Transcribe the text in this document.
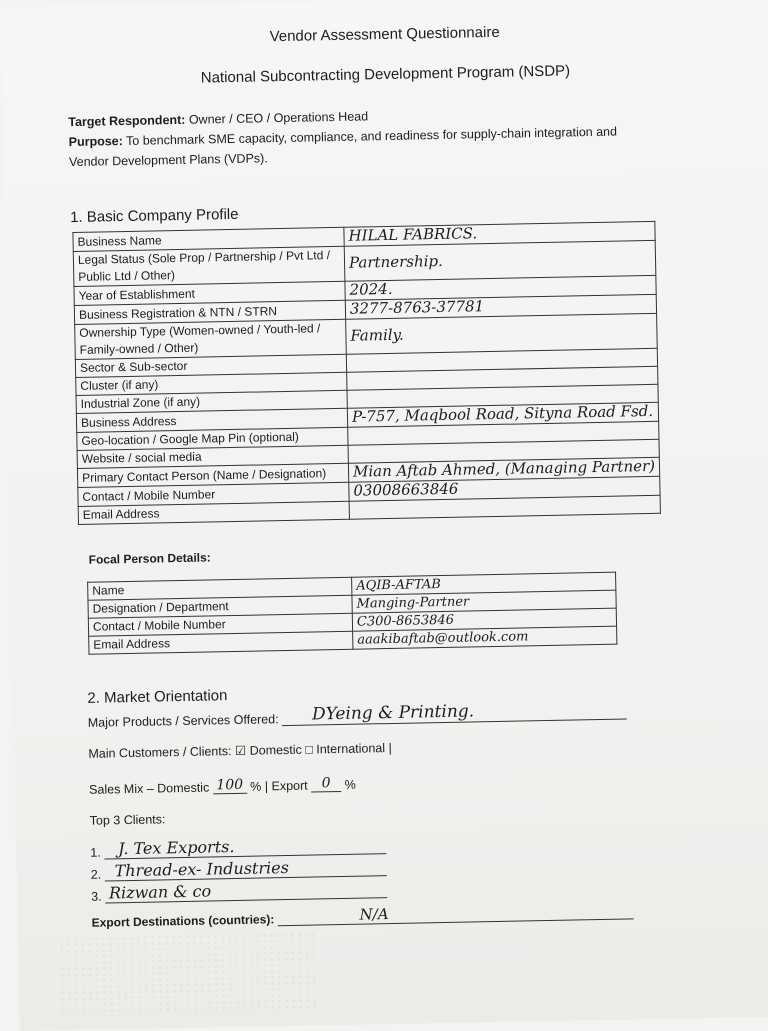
Vendor Assessment Questionnaire
National Subcontracting Development Program (NSDP)
Target Respondent: Owner / CEO / Operations Head
Purpose: To benchmark SME capacity, compliance, and readiness for supply-chain integration and
Vendor Development Plans (VDPs).
1. Basic Company Profile
Business Name	HILAL FABRICS.
Legal Status (Sole Prop / Partnership / Pvt Ltd / Public Ltd / Other)	Partnership.
Year of Establishment	2024.
Business Registration & NTN / STRN	3277-8763-37781
Ownership Type (Women-owned / Youth-led / Family-owned / Other)	Family.
Sector & Sub-sector	
Cluster (if any)	
Industrial Zone (if any)	
Business Address	P-757, Maqbool Road, Sityna Road Fsd.
Geo-location / Google Map Pin (optional)	
Website / social media	
Primary Contact Person (Name / Designation)	Mian Aftab Ahmed, (Managing Partner)
Contact / Mobile Number	03008663846
Email Address	
Focal Person Details:
Name	AQIB-AFTAB
Designation / Department	Manging-Partner
Contact / Mobile Number	C300-8653846
Email Address	aaakibaftab@outlook.com
2. Market Orientation
Major Products / Services Offered: DYeing & Printing.
Main Customers / Clients: ☑ Domestic □ International |
Sales Mix – Domestic 100 % | Export 0 %
Top 3 Clients:
1. J. Tex Exports.
2. Thread-ex- Industries
3. Rizwan & co
Export Destinations (countries):	N/A
